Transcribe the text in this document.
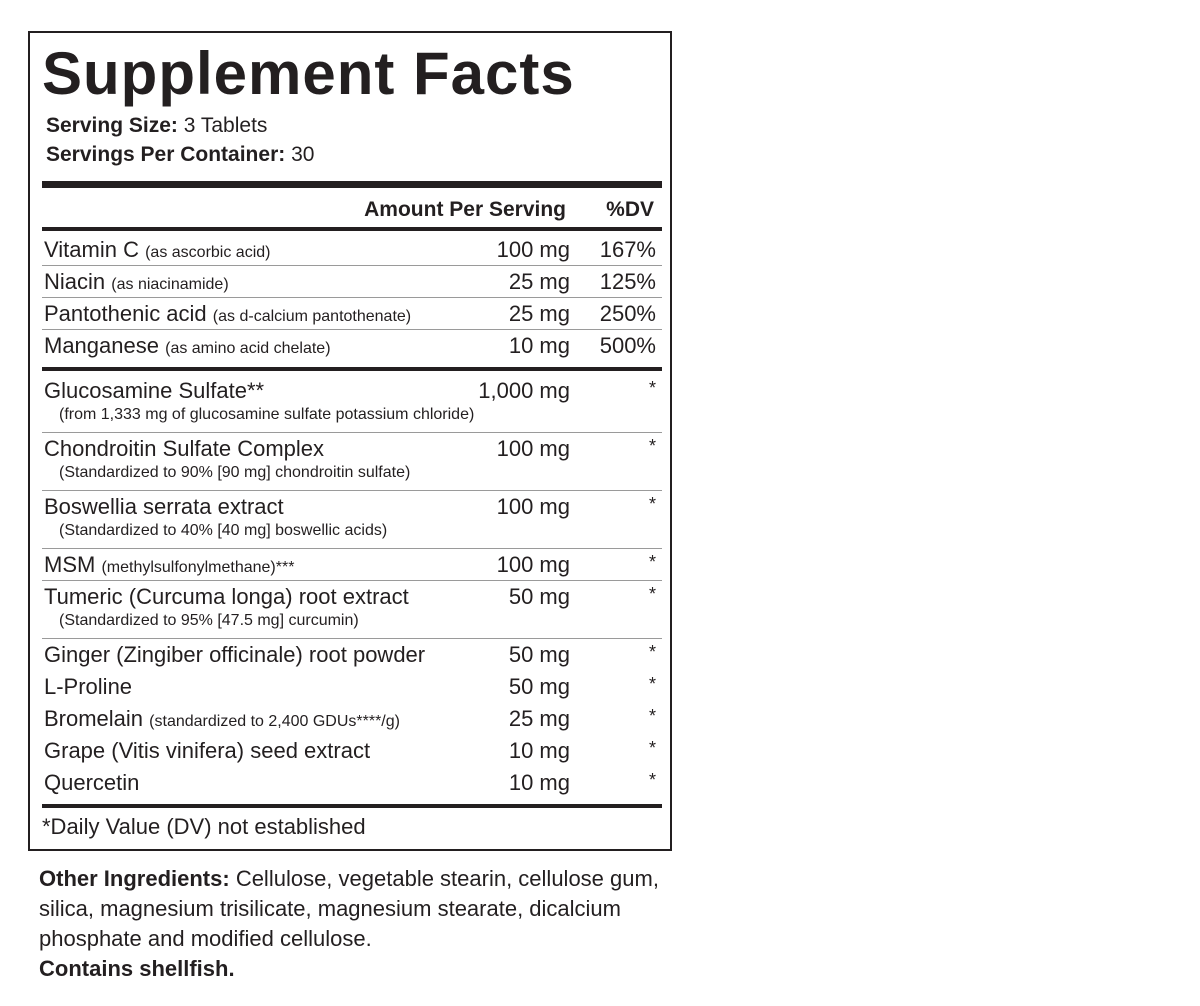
Supplement Facts
Serving Size: 3 Tablets
Servings Per Container: 30
Amount Per Serving %DV
Vitamin C (as ascorbic acid)	100 mg 167%
Niacin (as niacinamide)	25 mg 125%
Pantothenic acid (as d-calcium pantothenate)	25 mg 250%
Manganese (as amino acid chelate)	10 mg 500%
Glucosamine Sulfate**
(from 1,333 mg of glucosamine sulfate potassium chloride)
1,000 mg	*
Chondroitin Sulfate Complex
(Standardized to 90% [90 mg] chondroitin sulfate)
100 mg	*
Boswellia serrata extract
(Standardized to 40% [40 mg] boswellic acids)
100 mg	*
MSM (methylsulfonylmethane)***	100 mg	*
Tumeric (Curcuma longa) root extract
(Standardized to 95% [47.5 mg] curcumin)
50 mg	*
Ginger (Zingiber officinale) root powder	50 mg	*
L-Proline	50 mg	*
Bromelain (standardized to 2,400 GDUs****/g)	25 mg	*
Grape (Vitis vinifera) seed extract	10 mg	*
Quercetin	10 mg	*
*Daily Value (DV) not established
Other Ingredients: Cellulose, vegetable stearin, cellulose gum, silica, magnesium trisilicate, magnesium stearate, dicalcium phosphate and modified cellulose.
Contains shellfish.
